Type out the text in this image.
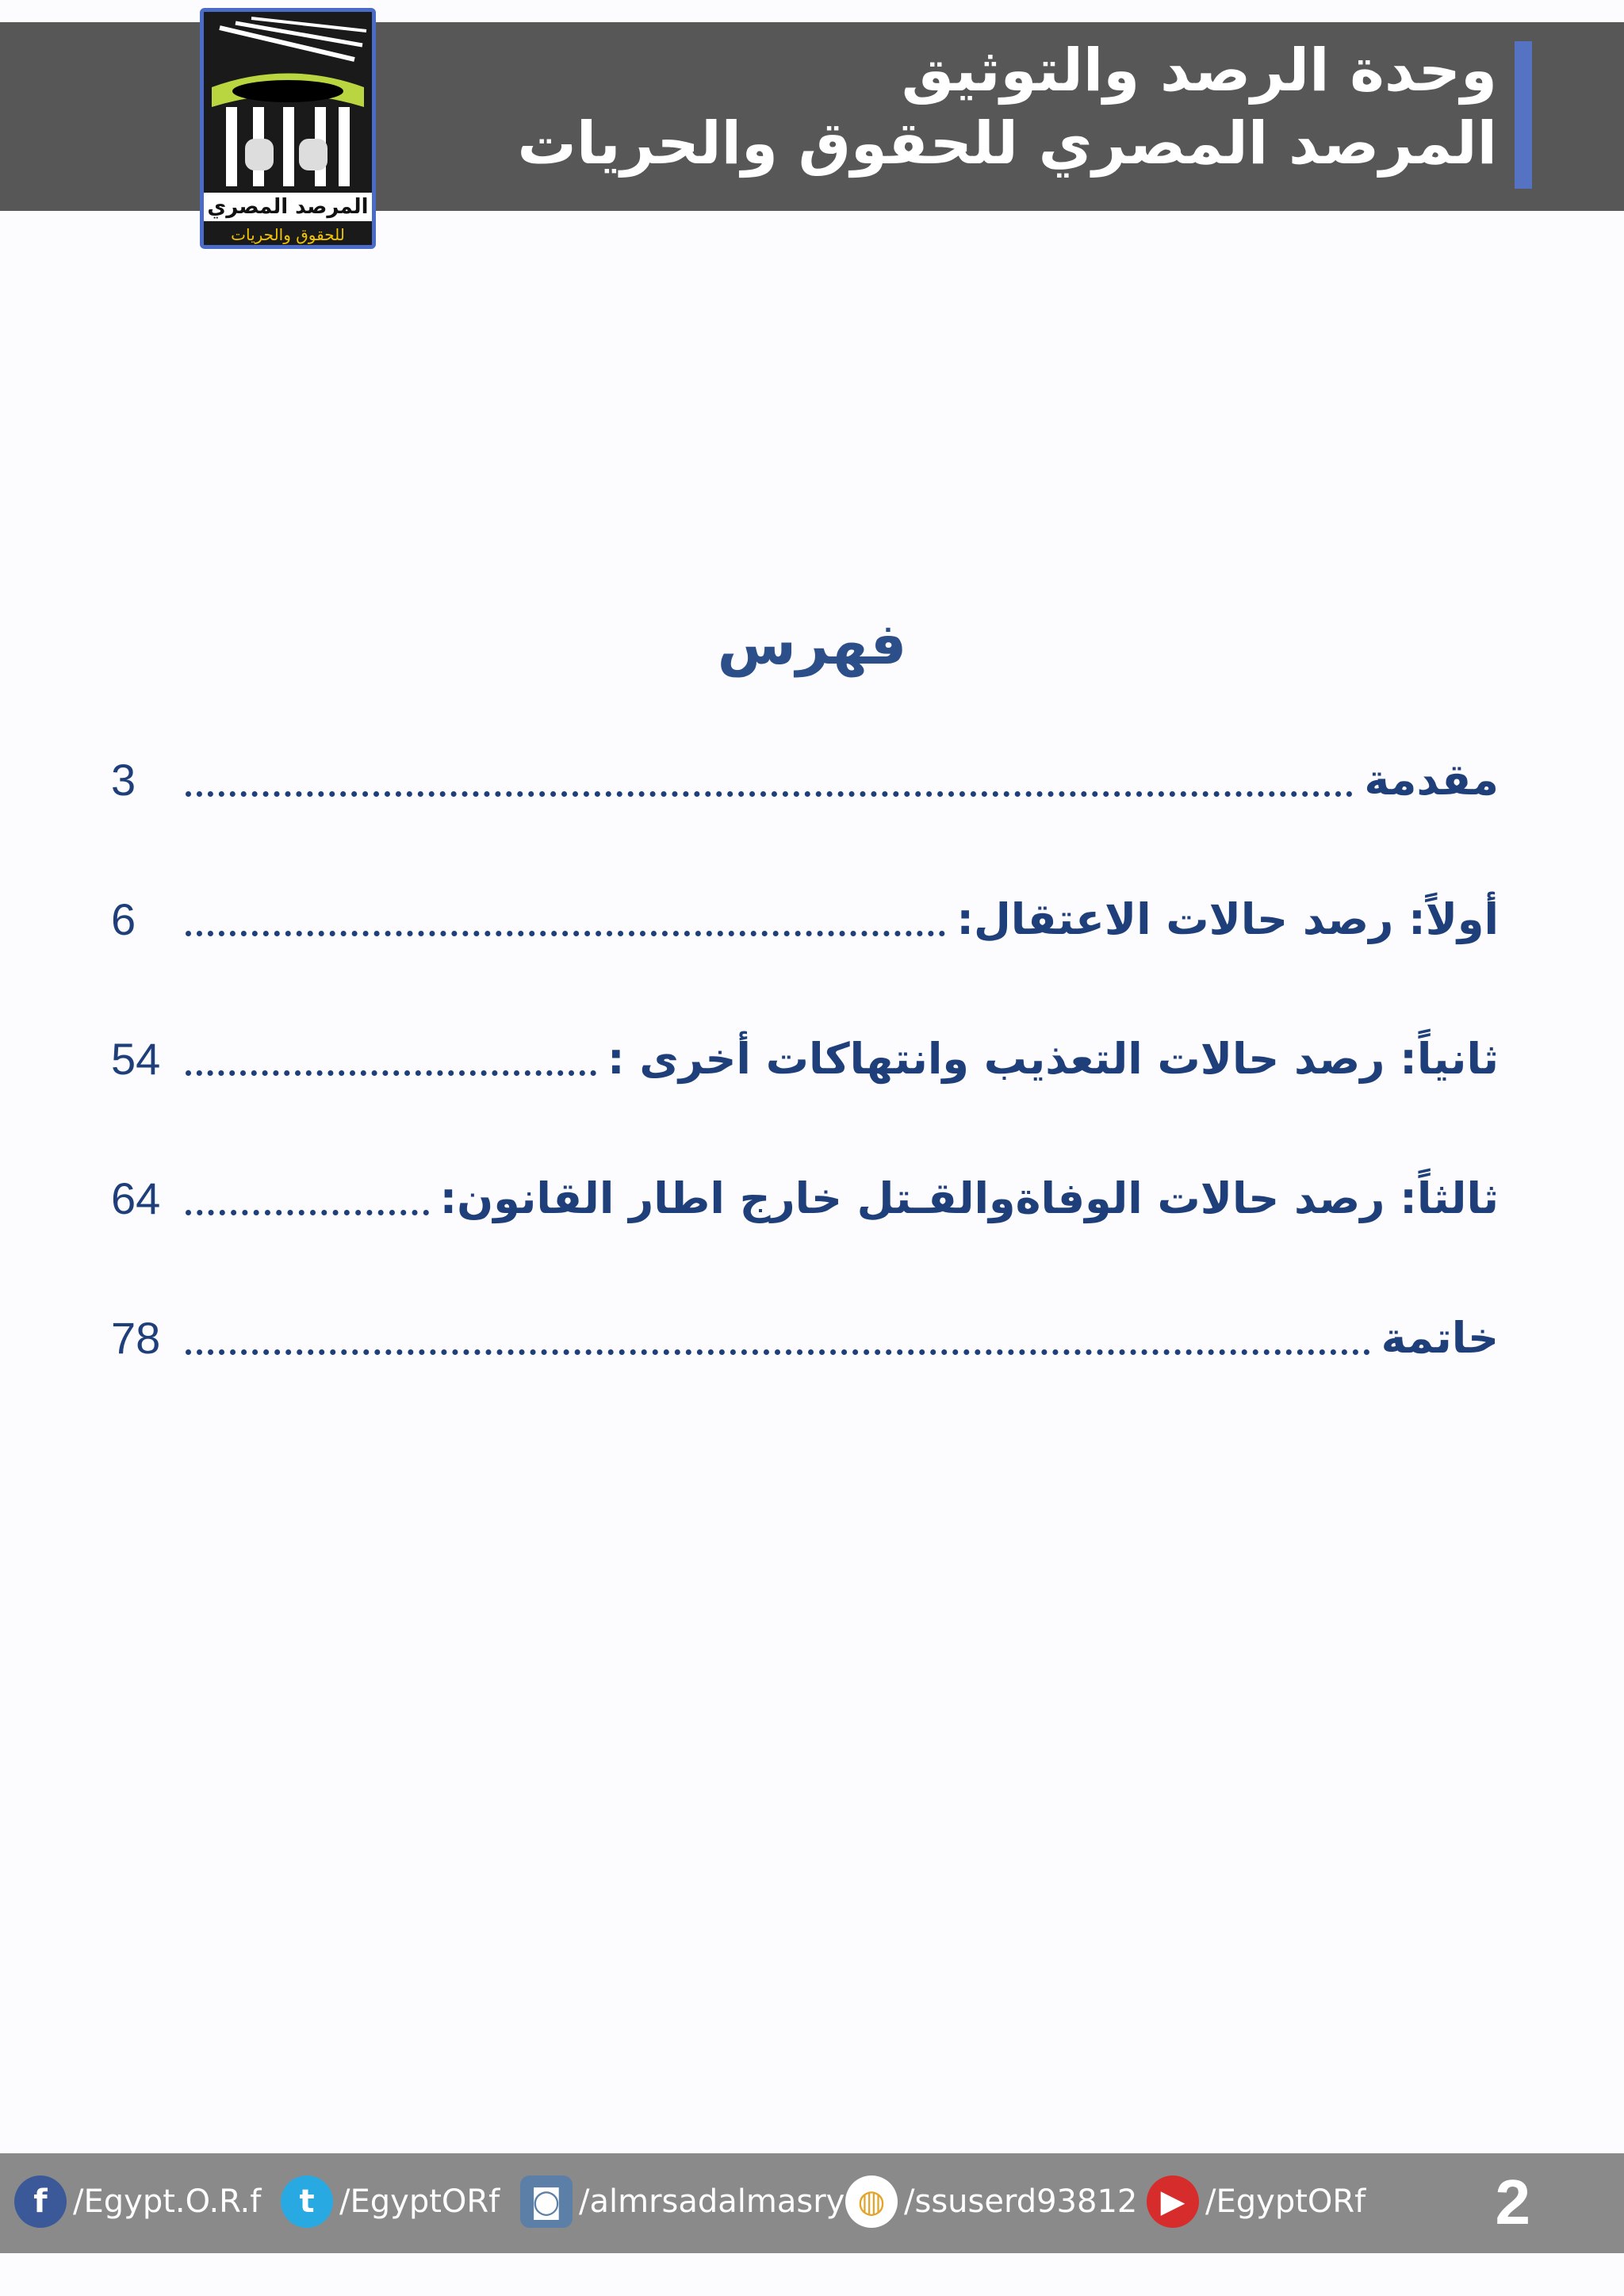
وحدة الرصد والتوثيق
المرصد المصري للحقوق والحريات
المرصد المصري
للحقوق والحريات
فهرس
مقدمة
3
أولاً: رصد حالات الاعتقال:
6
ثانياً: رصد حالات التعذيب وانتهاكات أخرى :
54
ثالثاً: رصد حالات الوفاةوالقـتل خارج اطار القانون:
64
خاتمة
78
f /Egypt.O.R.f	t /EgyptORf ◙ /almrsadalmasry ◍ /ssuserd93812 ▶ /EgyptORf 2
